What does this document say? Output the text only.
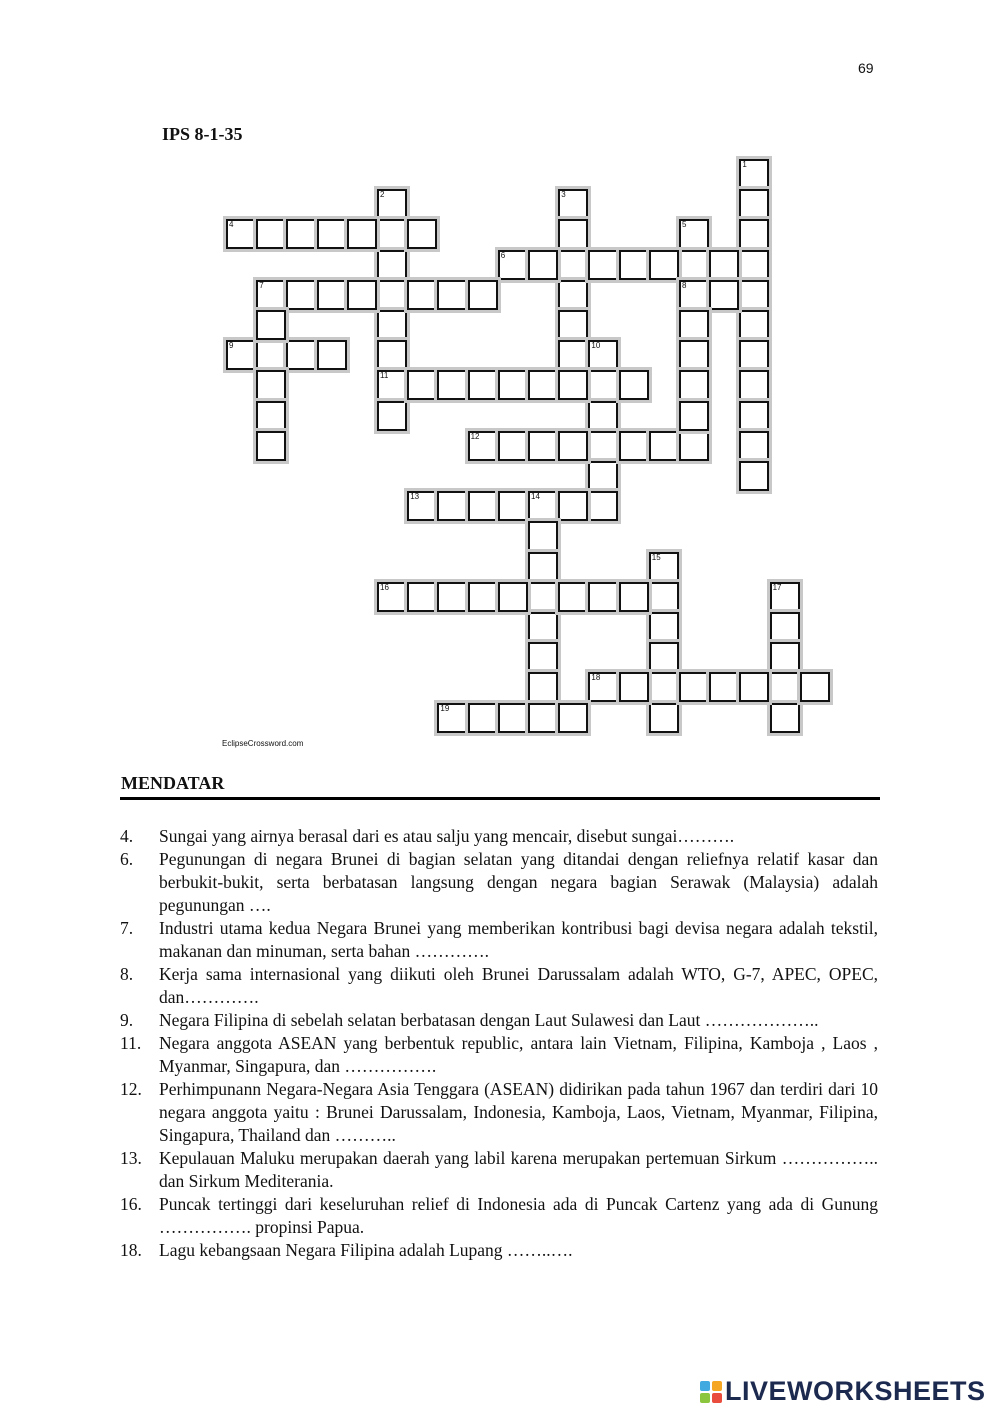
69
IPS 8-1-35
1
2
11
3
4	5
6
7	8
9	10
12
13	14
15
16	17
18
19
EclipseCrossword.com
MENDATAR
4. Sungai yang airnya berasal dari es atau salju yang mencair, disebut sungai……….
6. Pegunungan di negara Brunei di bagian selatan yang ditandai dengan reliefnya relatif kasar dan berbukit-bukit, serta berbatasan langsung dengan negara bagian Serawak (Malaysia) adalah pegunungan ….
7. Industri utama kedua Negara Brunei yang memberikan kontribusi bagi devisa negara adalah tekstil, makanan dan minuman, serta bahan ………….
8. Kerja sama internasional yang diikuti oleh Brunei Darussalam adalah WTO, G-7, APEC, OPEC, dan………….
9. Negara Filipina di sebelah selatan berbatasan dengan Laut Sulawesi dan Laut ………………..
11. Negara anggota ASEAN yang berbentuk republic, antara lain Vietnam, Filipina, Kamboja , Laos , Myanmar, Singapura, dan …………….
12. Perhimpunann Negara-Negara Asia Tenggara (ASEAN) didirikan pada tahun 1967 dan terdiri dari 10 negara anggota yaitu : Brunei Darussalam, Indonesia, Kamboja, Laos, Vietnam, Myanmar, Filipina, Singapura, Thailand dan ………..
13. Kepulauan Maluku merupakan daerah yang labil karena merupakan pertemuan Sirkum …………….. dan Sirkum Mediterania.
16. Puncak tertinggi dari keseluruhan relief di Indonesia ada di Puncak Cartenz yang ada di Gunung ……………. propinsi Papua.
18. Lagu kebangsaan Negara Filipina adalah Lupang ……..….
LIVEWORKSHEETS
